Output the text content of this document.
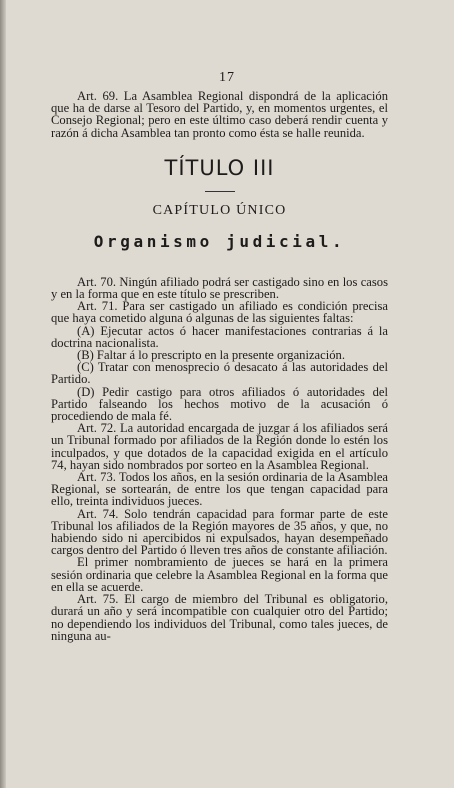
17

Art. 69. La Asamblea Regional dispondrá de la aplicación que ha de darse al Tesoro del Partido, y, en momentos urgentes, el Consejo Regional; pero en este último caso deberá rendir cuenta y razón á dicha Asamblea tan pronto como ésta se halle reunida.

TÍTULO III
CAPÍTULO ÚNICO
Organismo judicial.

Art. 70. Ningún afiliado podrá ser castigado sino en los casos y en la forma que en este título se prescriben.

Art. 71. Para ser castigado un afiliado es condición precisa que haya cometido alguna ó algunas de las siguientes faltas:

(A) Ejecutar actos ó hacer manifestaciones contrarias á la doctrina nacionalista.

(B) Faltar á lo prescripto en la presente organización.

(C) Tratar con menosprecio ó desacato á las autoridades del Partido.

(D) Pedir castigo para otros afiliados ó autoridades del Partido falseando los hechos motivo de la acusación ó procediendo de mala fé.

Art. 72. La autoridad encargada de juzgar á los afiliados será un Tribunal formado por afiliados de la Región donde lo estén los inculpados, y que dotados de la capacidad exigida en el artículo 74, hayan sido nombrados por sorteo en la Asamblea Regional.

Art. 73. Todos los años, en la sesión ordinaria de la Asamblea Regional, se sortearán, de entre los que tengan capacidad para ello, treinta individuos jueces.

Art. 74. Solo tendrán capacidad para formar parte de este Tribunal los afiliados de la Región mayores de 35 años, y que, no habiendo sido ni apercibidos ni expulsados, hayan desempeñado cargos dentro del Partido ó lleven tres años de constante afiliación.

El primer nombramiento de jueces se hará en la primera sesión ordinaria que celebre la Asamblea Regional en la forma que en ella se acuerde.

Art. 75. El cargo de miembro del Tribunal es obligatorio, durará un año y será incompatible con cualquier otro del Partido; no dependiendo los individuos del Tribunal, como tales jueces, de ninguna au-
